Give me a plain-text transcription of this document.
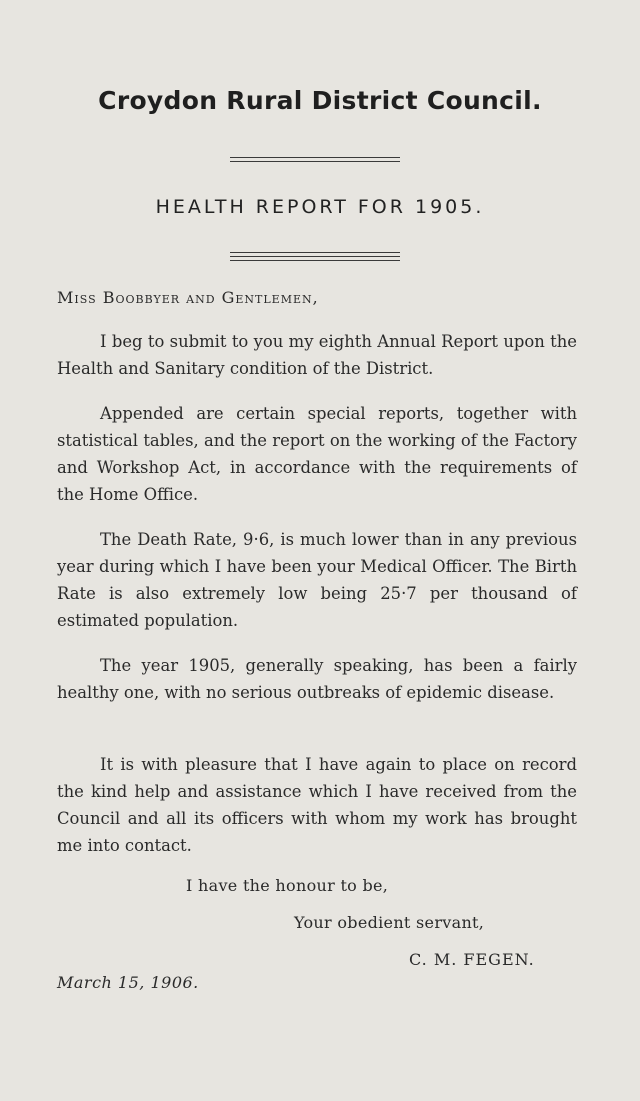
Croydon Rural District Council.
HEALTH REPORT FOR 1905.
Miss Boobbyer and Gentlemen,
I beg to submit to you my eighth Annual Report upon the Health and Sanitary condition of the District.
Appended are certain special reports, together with statistical tables, and the report on the working of the Factory and Workshop Act, in accordance with the requirements of the Home Office.
The Death Rate, 9·6, is much lower than in any previous year during which I have been your Medical Officer. The Birth Rate is also extremely low being 25·7 per thousand of estimated population.
The year 1905, generally speaking, has been a fairly healthy one, with no serious outbreaks of epidemic disease.
It is with pleasure that I have again to place on record the kind help and assistance which I have received from the Council and all its officers with whom my work has brought me into contact.
I have the honour to be,
Your obedient servant,
C. M. FEGEN.
March 15, 1906.
